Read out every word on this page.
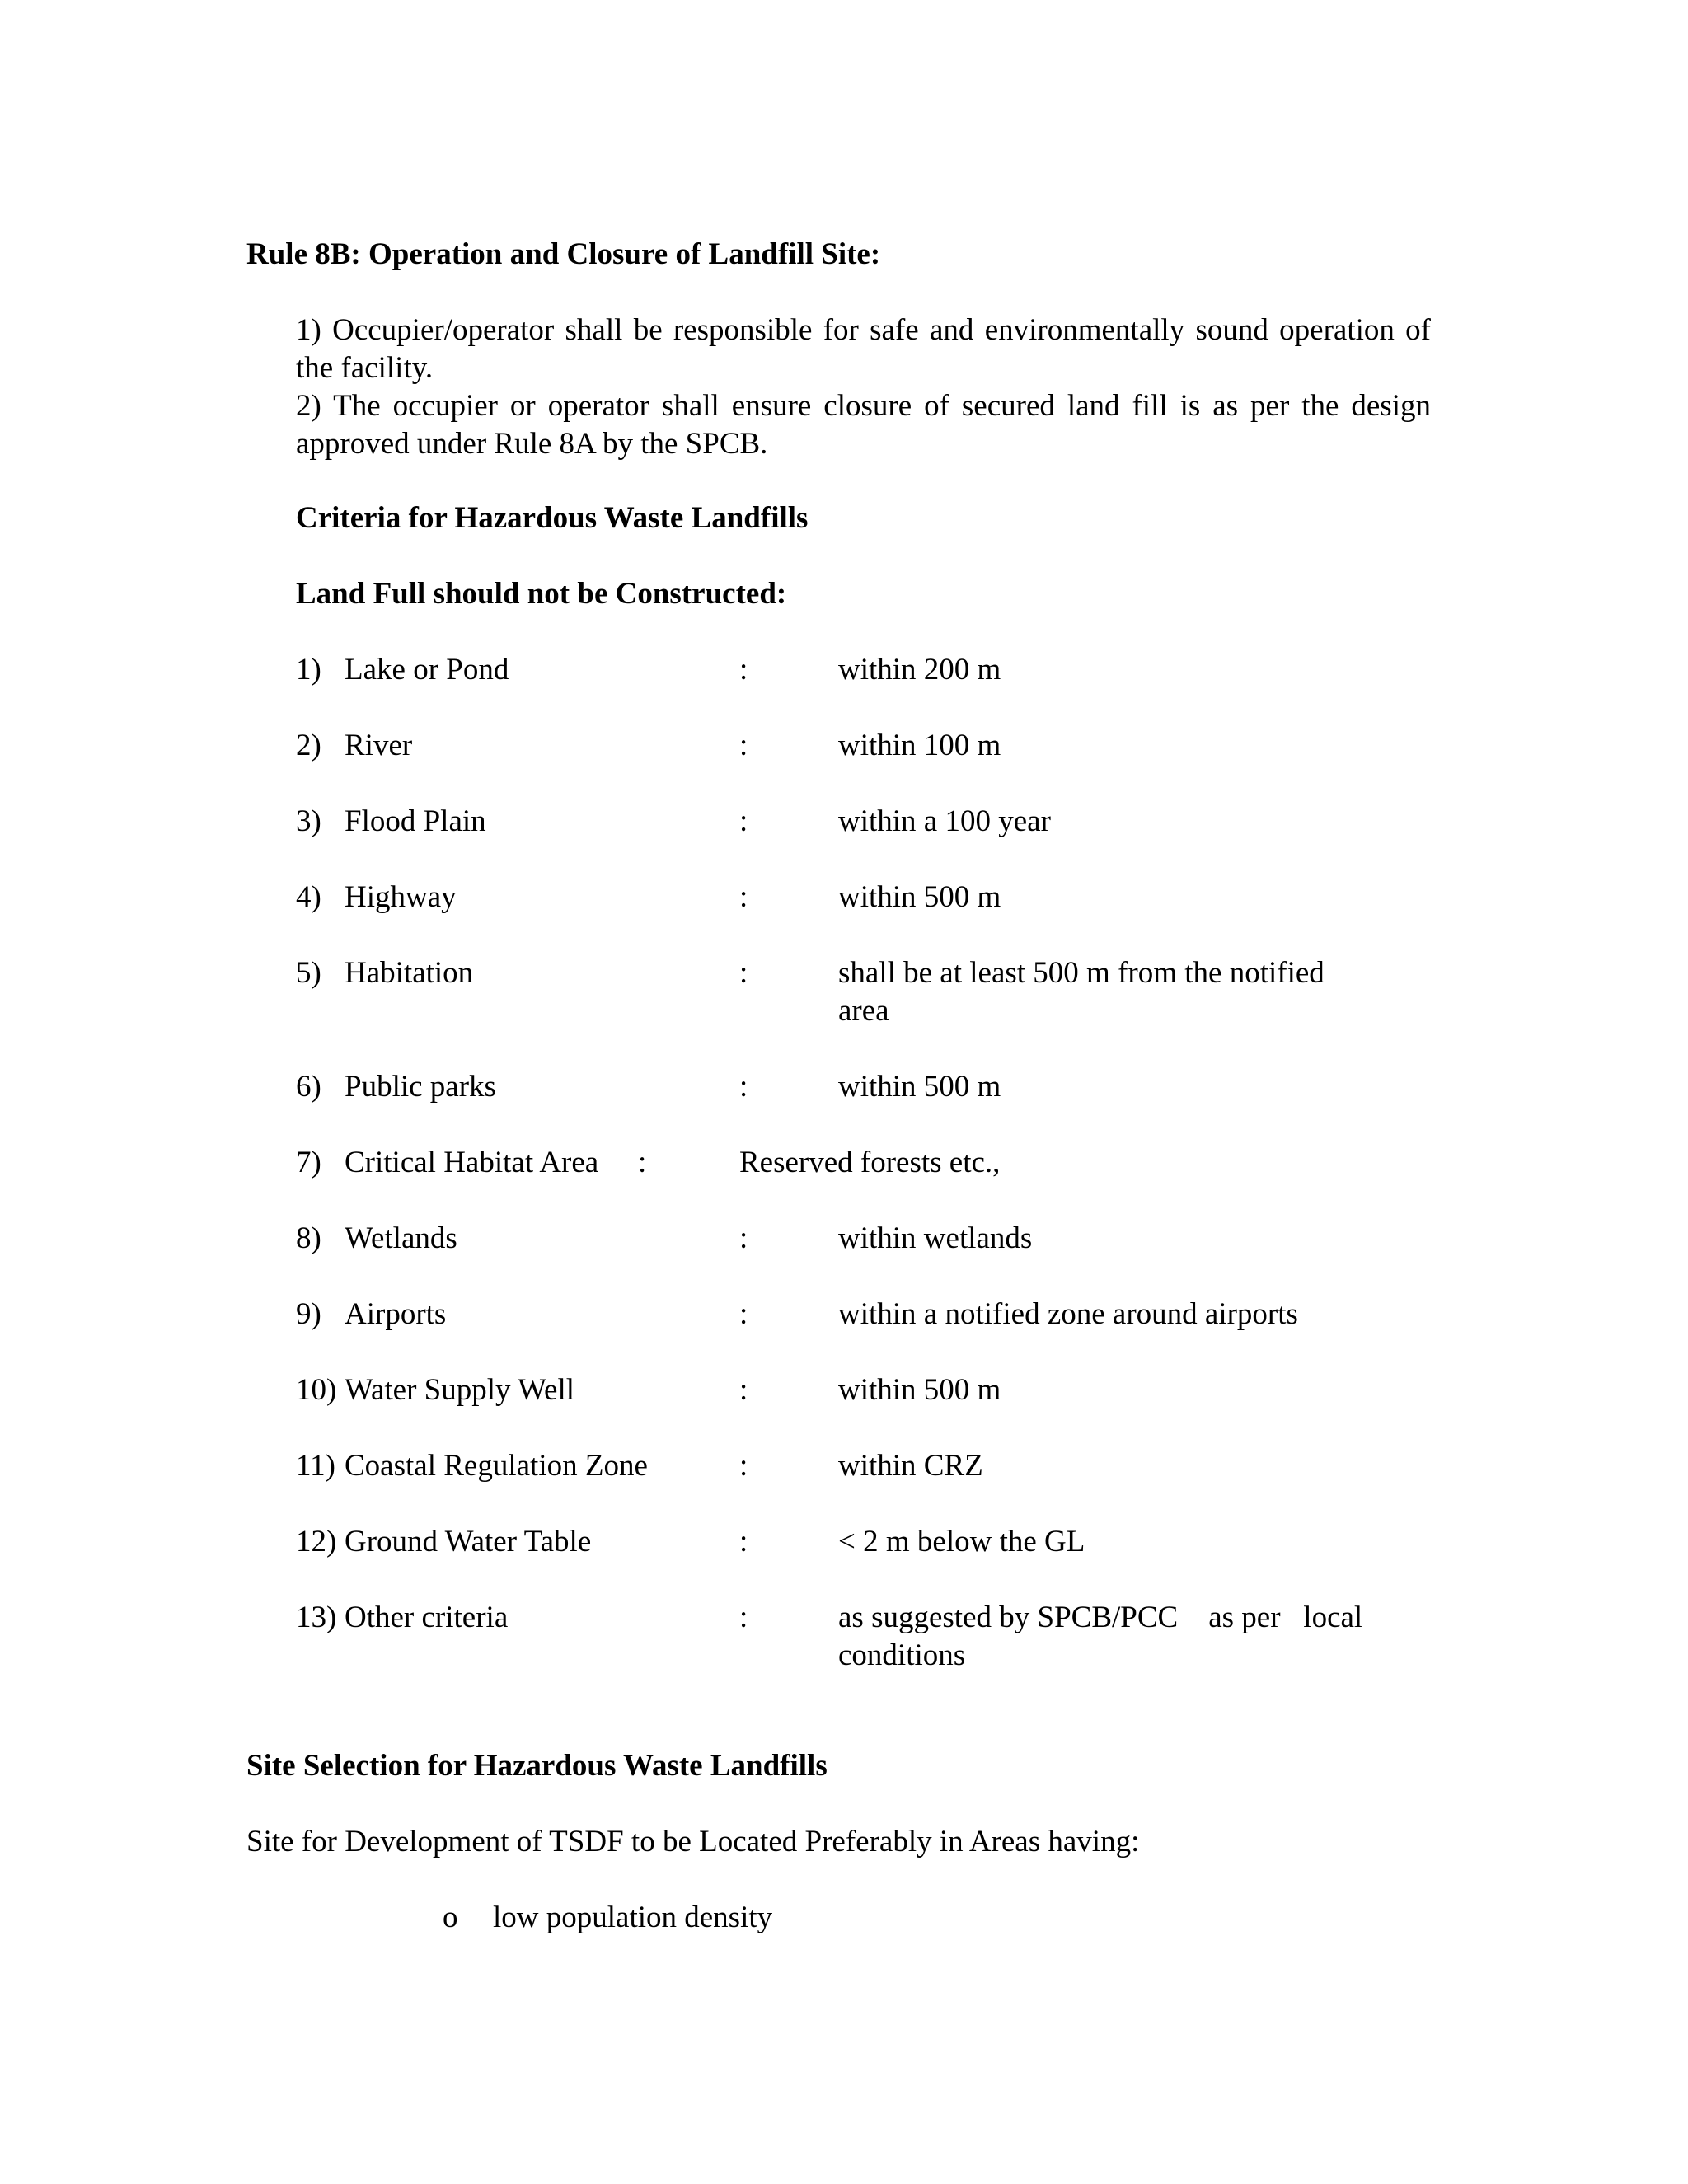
Rule 8B: Operation and Closure of Landfill Site:
1) Occupier/operator shall be responsible for safe and environmentally sound operation of the facility.
2) The occupier or operator shall ensure closure of secured land fill is as per the design approved under Rule 8A by the SPCB.
Criteria for Hazardous Waste Landfills
Land Full should not be Constructed:
1) Lake or Pond	:	within 200 m
2) River	:	within 100 m
3) Flood Plain	:	within a 100 year
4) Highway	:	within 500 m
5) Habitation	:	shall be at least 500 m from the notified area
6) Public parks	:	within 500 m
7) Critical Habitat Area :	Reserved forests etc.,
8) Wetlands	:	within wetlands
9) Airports	:	within a notified zone around airports
10) Water Supply Well	:	within 500 m
11) Coastal Regulation Zone	:	within CRZ
12) Ground Water Table	:	< 2 m below the GL
13) Other criteria	:	as suggested by SPCB/PCC    as per   local conditions
Site Selection for Hazardous Waste Landfills
Site for Development of TSDF to be Located Preferably in Areas having:
o low population density
